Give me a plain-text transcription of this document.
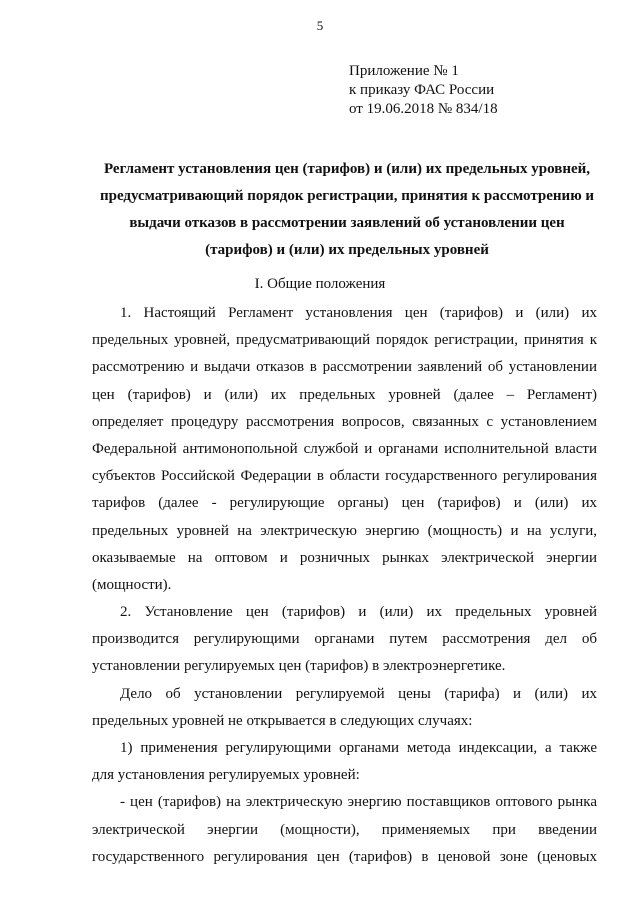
5
Приложение № 1
к приказу ФАС России
от 19.06.2018 № 834/18
Регламент установления цен (тарифов) и (или) их предельных уровней,
предусматривающий порядок регистрации, принятия к рассмотрению и
выдачи отказов в рассмотрении заявлений об установлении цен
(тарифов) и (или) их предельных уровней
I. Общие положения
1. Настоящий Регламент установления цен (тарифов) и (или) их
предельных уровней, предусматривающий порядок регистрации, принятия к
рассмотрению и выдачи отказов в рассмотрении заявлений об установлении
цен (тарифов) и (или) их предельных уровней (далее – Регламент)
определяет процедуру рассмотрения вопросов, связанных с установлением
Федеральной антимонопольной службой и органами исполнительной власти
субъектов Российской Федерации в области государственного регулирования
тарифов (далее - регулирующие органы) цен (тарифов) и (или) их
предельных уровней на электрическую энергию (мощность) и на услуги,
оказываемые на оптовом и розничных рынках электрической энергии
(мощности).
2. Установление цен (тарифов) и (или) их предельных уровней
производится регулирующими органами путем рассмотрения дел об
установлении регулируемых цен (тарифов) в электроэнергетике.
Дело об установлении регулируемой цены (тарифа) и (или) их
предельных уровней не открывается в следующих случаях:
1) применения регулирующими органами метода индексации, а также
для установления регулируемых уровней:
- цен (тарифов) на электрическую энергию поставщиков оптового рынка
электрической энергии (мощности), применяемых при введении
государственного регулирования цен (тарифов) в ценовой зоне (ценовых
